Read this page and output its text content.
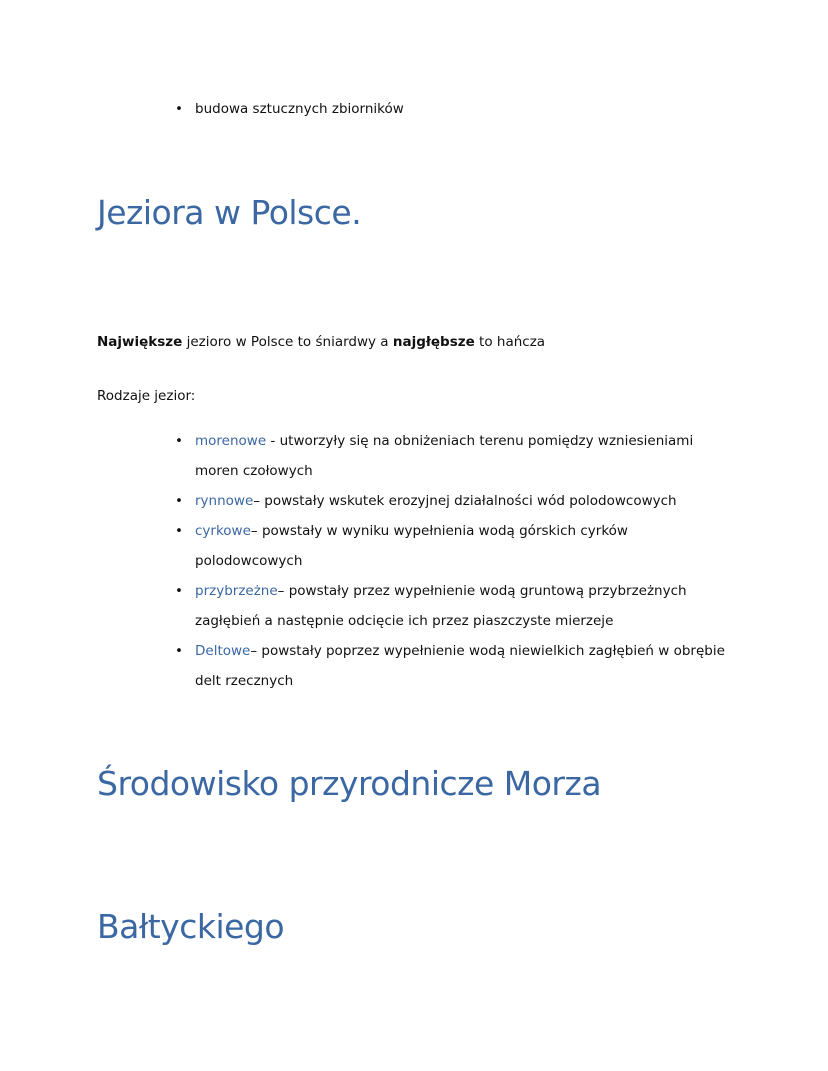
• budowa sztucznych zbiorników
Jeziora w Polsce.
Największe jezioro w Polsce to śniardwy a najgłębsze to hańcza
Rodzaje jezior:
• morenowe - utworzyły się na obniżeniach terenu pomiędzy wzniesieniami moren czołowych
• rynnowe– powstały wskutek erozyjnej działalności wód polodowcowych
• cyrkowe– powstały w wyniku wypełnienia wodą górskich cyrków polodowcowych
• przybrzeżne– powstały przez wypełnienie wodą gruntową przybrzeżnych zagłębień a następnie odcięcie ich przez piaszczyste mierzeje
• Deltowe– powstały poprzez wypełnienie wodą niewielkich zagłębień w obrębie delt rzecznych
Środowisko przyrodnicze Morza
Bałtyckiego
